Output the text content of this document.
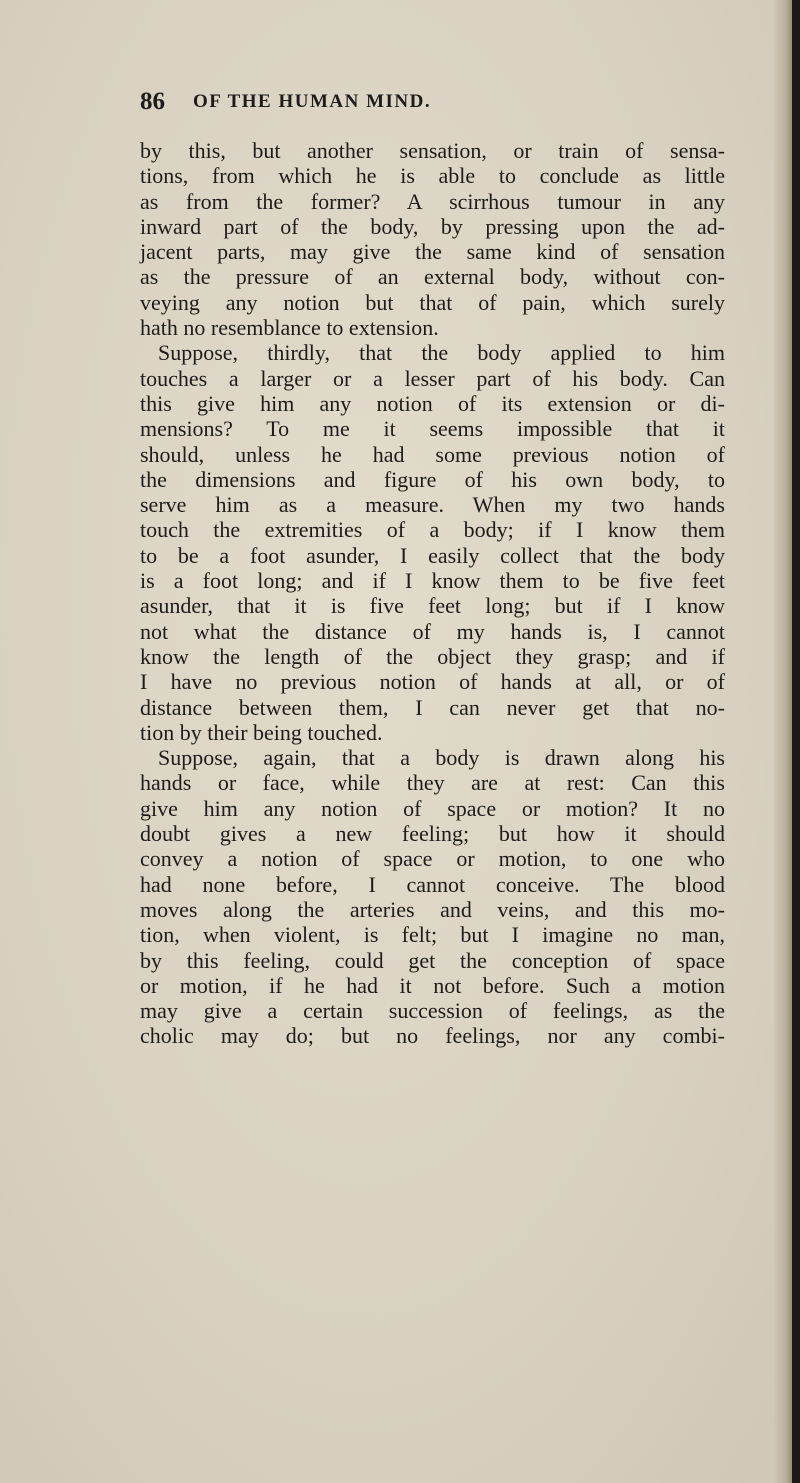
86 OF THE HUMAN MIND.
by this, but another sensation, or train of sensa-
tions, from which he is able to conclude as little
as from the former? A scirrhous tumour in any
inward part of the body, by pressing upon the ad-
jacent parts, may give the same kind of sensation
as the pressure of an external body, without con-
veying any notion but that of pain, which surely
hath no resemblance to extension.
Suppose, thirdly, that the body applied to him
touches a larger or a lesser part of his body. Can
this give him any notion of its extension or di-
mensions? To me it seems impossible that it
should, unless he had some previous notion of
the dimensions and figure of his own body, to
serve him as a measure. When my two hands
touch the extremities of a body; if I know them
to be a foot asunder, I easily collect that the body
is a foot long; and if I know them to be five feet
asunder, that it is five feet long; but if I know
not what the distance of my hands is, I cannot
know the length of the object they grasp; and if
I have no previous notion of hands at all, or of
distance between them, I can never get that no-
tion by their being touched.
Suppose, again, that a body is drawn along his
hands or face, while they are at rest: Can this
give him any notion of space or motion? It no
doubt gives a new feeling; but how it should
convey a notion of space or motion, to one who
had none before, I cannot conceive. The blood
moves along the arteries and veins, and this mo-
tion, when violent, is felt; but I imagine no man,
by this feeling, could get the conception of space
or motion, if he had it not before. Such a motion
may give a certain succession of feelings, as the
cholic may do; but no feelings, nor any combi-
